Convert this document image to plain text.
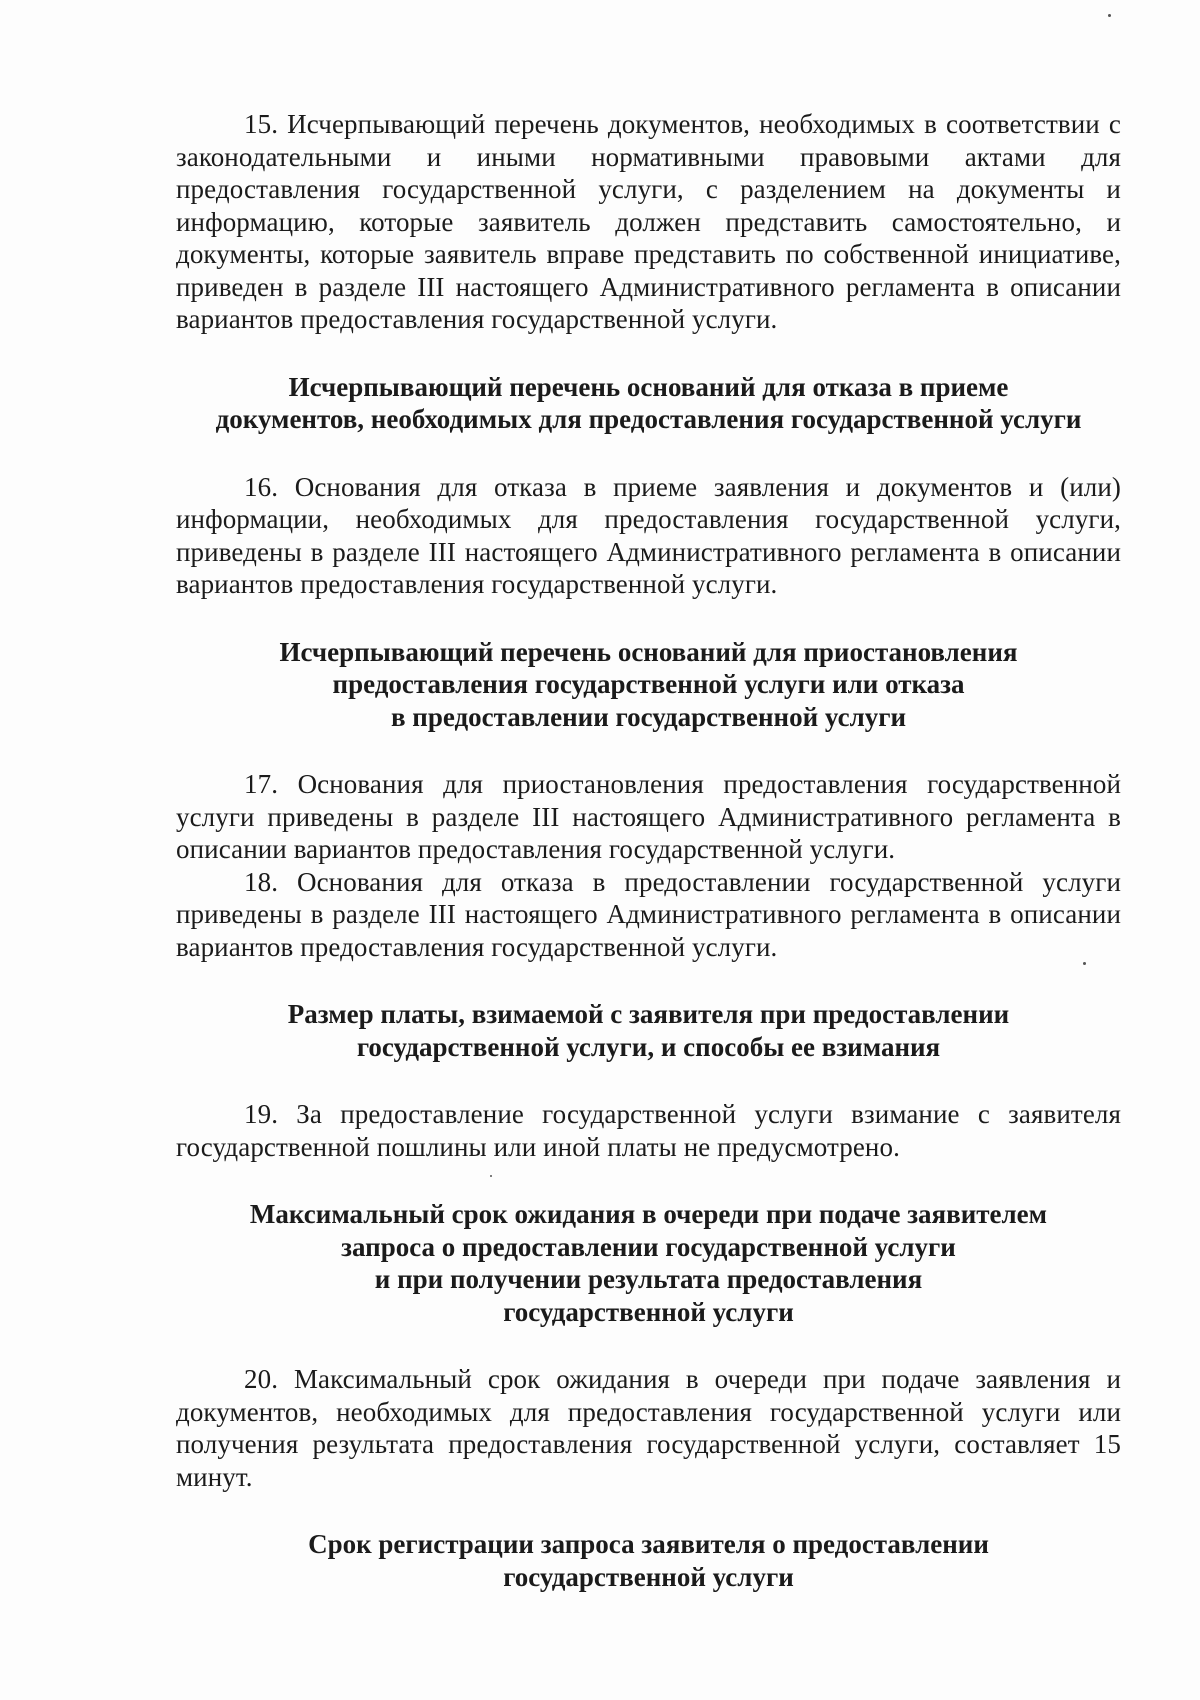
15. Исчерпывающий перечень документов, необходимых в соответствии с законодательными и иными нормативными правовыми актами для предоставления государственной услуги, с разделением на документы и информацию, которые заявитель должен представить самостоятельно, и документы, которые заявитель вправе представить по собственной инициативе, приведен в разделе III настоящего Административного регламента в описании вариантов предоставления государственной услуги.

Исчерпывающий перечень оснований для отказа в приеме
документов, необходимых для предоставления государственной услуги

16. Основания для отказа в приеме заявления и документов и (или) информации, необходимых для предоставления государственной услуги, приведены в разделе III настоящего Административного регламента в описании вариантов предоставления государственной услуги.

Исчерпывающий перечень оснований для приостановления
предоставления государственной услуги или отказа
в предоставлении государственной услуги

17. Основания для приостановления предоставления государственной услуги приведены в разделе III настоящего Административного регламента в описании вариантов предоставления государственной услуги.

18. Основания для отказа в предоставлении государственной услуги приведены в разделе III настоящего Административного регламента в описании вариантов предоставления государственной услуги.

Размер платы, взимаемой с заявителя при предоставлении
государственной услуги, и способы ее взимания

19. За предоставление государственной услуги взимание с заявителя государственной пошлины или иной платы не предусмотрено.

Максимальный срок ожидания в очереди при подаче заявителем
запроса о предоставлении государственной услуги
и при получении результата предоставления
государственной услуги

20. Максимальный срок ожидания в очереди при подаче заявления и документов, необходимых для предоставления государственной услуги или получения результата предоставления государственной услуги, составляет 15 минут.

Срок регистрации запроса заявителя о предоставлении
государственной услуги
